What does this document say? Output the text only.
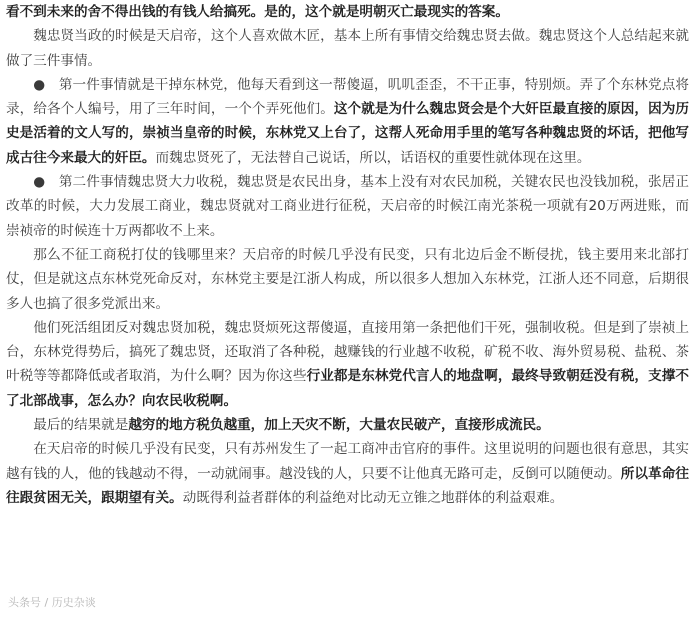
看不到未来的舍不得出钱的有钱人给搞死。是的，这个就是明朝灭亡最现实的答案。

魏忠贤当政的时候是天启帝，这个人喜欢做木匠，基本上所有事情交给魏忠贤去做。魏忠贤这个人总结起来就做了三件事情。

●　第一件事情就是干掉东林党，他每天看到这一帮傻逼，叽叽歪歪，不干正事，特别烦。弄了个东林党点将录，给各个人编号，用了三年时间，一个个弄死他们。这个就是为什么魏忠贤会是个大奸臣最直接的原因，因为历史是活着的文人写的，崇祯当皇帝的时候，东林党又上台了，这帮人死命用手里的笔写各种魏忠贤的坏话，把他写成古往今来最大的奸臣。而魏忠贤死了，无法替自己说话，所以，话语权的重要性就体现在这里。

●　第二件事情魏忠贤大力收税，魏忠贤是农民出身，基本上没有对农民加税，关键农民也没钱加税，张居正改革的时候，大力发展工商业，魏忠贤就对工商业进行征税，天启帝的时候江南光茶税一项就有20万两进账，而崇祯帝的时候连十万两都收不上来。

那么不征工商税打仗的钱哪里来？天启帝的时候几乎没有民变，只有北边后金不断侵扰，钱主要用来北部打仗，但是就这点东林党死命反对，东林党主要是江浙人构成，所以很多人想加入东林党，江浙人还不同意，后期很多人也搞了很多党派出来。

他们死活组团反对魏忠贤加税，魏忠贤烦死这帮傻逼，直接用第一条把他们干死，强制收税。但是到了崇祯上台，东林党得势后，搞死了魏忠贤，还取消了各种税，越赚钱的行业越不收税，矿税不收、海外贸易税、盐税、茶叶税等等都降低或者取消，为什么啊？因为你这些行业都是东林党代言人的地盘啊，最终导致朝廷没有税，支撑不了北部战事，怎么办？向农民收税啊。

最后的结果就是越穷的地方税负越重，加上天灾不断，大量农民破产，直接形成流民。

在天启帝的时候几乎没有民变，只有苏州发生了一起工商冲击官府的事件。这里说明的问题也很有意思，其实越有钱的人，他的钱越动不得，一动就闹事。越没钱的人，只要不让他真无路可走，反倒可以随便动。所以革命往往跟贫困无关，跟期望有关。动既得利益者群体的利益绝对比动无立锥之地群体的利益艰难。

头条号 / 历史杂谈
